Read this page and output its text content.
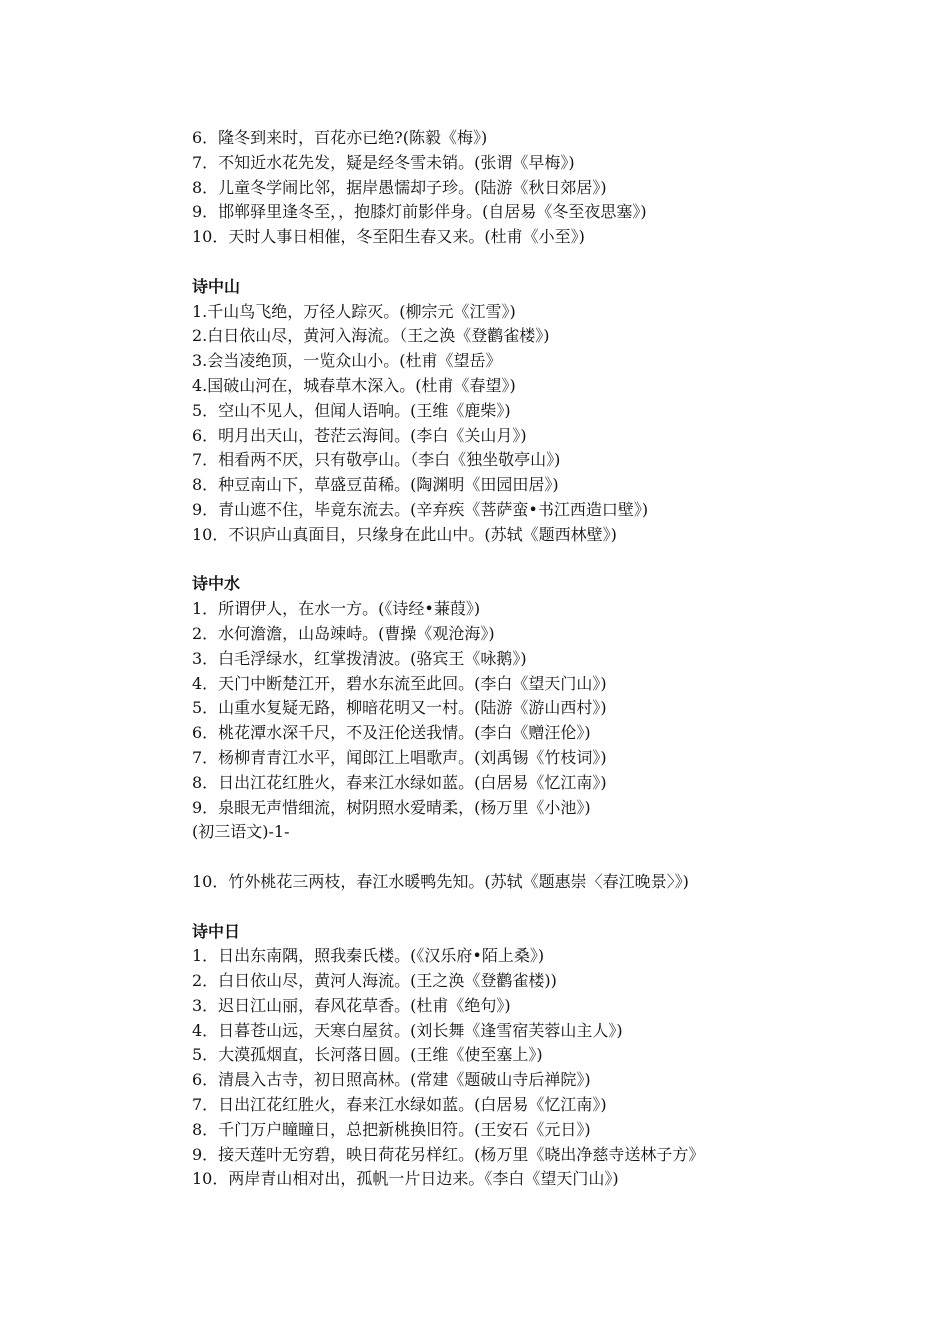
6．隆冬到来时，百花亦已绝?(陈毅《梅》)
7．不知近水花先发，疑是经冬雪未销。(张谓《早梅》)
8．儿童冬学闹比邻，据岸愚懦却子珍。(陆游《秋日郊居》)
9．邯郸驿里逢冬至，，抱膝灯前影伴身。(自居易《冬至夜思塞》)
10．天时人事日相催，冬至阳生春又来。(杜甫《小至》)
诗中山
1.千山鸟飞绝，万径人踪灭。(柳宗元《江雪》)
2.白日依山尽，黄河入海流。（王之涣《登鹳雀楼》)
3.会当凌绝顶，一览众山小。(杜甫《望岳》
4.国破山河在，城春草木深入。(杜甫《春望》)
5．空山不见人，但闻人语响。(王维《鹿柴》)
6．明月出天山，苍茫云海间。(李白《关山月》)
7．相看两不厌，只有敬亭山。（李白《独坐敬亭山》)
8．种豆南山下，草盛豆苗稀。(陶渊明《田园田居》)
9．青山遮不住，毕竟东流去。(辛弃疾《菩萨蛮•书江西造口壁》)
10．不识庐山真面目，只缘身在此山中。(苏轼《题西林壁》)
诗中水
1．所谓伊人，在水一方。(《诗经•蒹葭》)
2．水何澹澹，山岛竦峙。(曹操《观沧海》)
3．白毛浮绿水，红掌拨清波。(骆宾王《咏鹅》)
4．天门中断楚江开，碧水东流至此回。(李白《望天门山》)
5．山重水复疑无路，柳暗花明又一村。(陆游《游山西村》)
6．桃花潭水深千尺，不及汪伦送我情。(李白《赠汪伦》)
7．杨柳青青江水平，闻郎江上唱歌声。(刘禹锡《竹枝词》)
8．日出江花红胜火，春来江水绿如蓝。(白居易《忆江南》)
9．泉眼无声惜细流，树阴照水爱晴柔，(杨万里《小池》)
(初三语文)-1-
10．竹外桃花三两枝，春江水暖鸭先知。(苏轼《题惠崇〈春江晚景〉》)
诗中日
1．日出东南隅，照我秦氏楼。(《汉乐府•陌上桑》)
2．白日依山尽，黄河人海流。(王之涣《登鹳雀楼))
3．迟日江山丽，春风花草香。(杜甫《绝句》)
4．日暮苍山远，天寒白屋贫。(刘长舞《逢雪宿芙蓉山主人》)
5．大漠孤烟直，长河落日圆。(王维《使至塞上》)
6．清晨入古寺，初日照高林。(常建《题破山寺后禅院》)
7．日出江花红胜火，春来江水绿如蓝。(白居易《忆江南》)
8．千门万户瞳瞳日，总把新桃换旧符。(王安石《元日》)
9．接天莲叶无穷碧，映日荷花另样红。(杨万里《晓出净慈寺送林子方》
10．两岸青山相对出，孤帆一片日边来。《李白《望天门山》)
